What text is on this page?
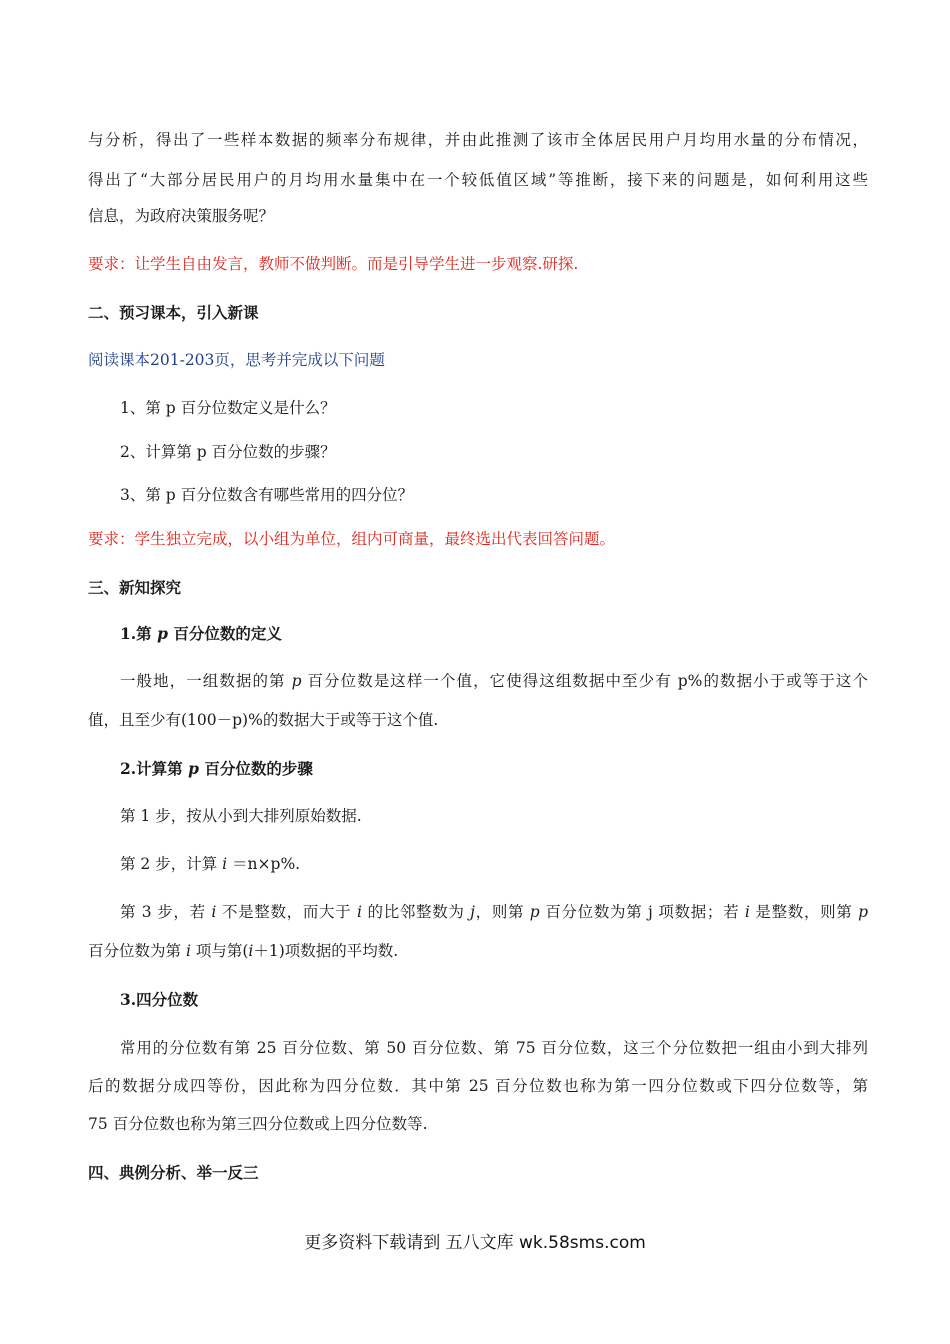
与分析，得出了一些样本数据的频率分布规律，并由此推测了该市全体居民用户月均用水量的分布情况，
得出了“大部分居民用户的月均用水量集中在一个较低值区域”等推断，接下来的问题是，如何利用这些
信息，为政府决策服务呢？
要求：让学生自由发言，教师不做判断。而是引导学生进一步观察.研探.
二、预习课本，引入新课
阅读课本201-203页，思考并完成以下问题
1、第 p 百分位数定义是什么？
2、计算第 p 百分位数的步骤？
3、第 p 百分位数含有哪些常用的四分位？
要求：学生独立完成，以小组为单位，组内可商量，最终选出代表回答问题。
三、新知探究
1.第 p 百分位数的定义
一般地，一组数据的第 p 百分位数是这样一个值，它使得这组数据中至少有 p%的数据小于或等于这个
值，且至少有(100－p)%的数据大于或等于这个值.
2.计算第 p 百分位数的步骤
第 1 步，按从小到大排列原始数据.
第 2 步，计算 i ＝n×p%.
第 3 步，若 i 不是整数，而大于 i 的比邻整数为 j，则第 p 百分位数为第 j 项数据；若 i 是整数，则第 p
百分位数为第 i 项与第(i＋1)项数据的平均数.
3.四分位数
常用的分位数有第 25 百分位数、第 50 百分位数、第 75 百分位数，这三个分位数把一组由小到大排列
后的数据分成四等份，因此称为四分位数．其中第 25 百分位数也称为第一四分位数或下四分位数等，第
75 百分位数也称为第三四分位数或上四分位数等.
四、典例分析、举一反三
更多资料下载请到 五八文库 wk.58sms.com
